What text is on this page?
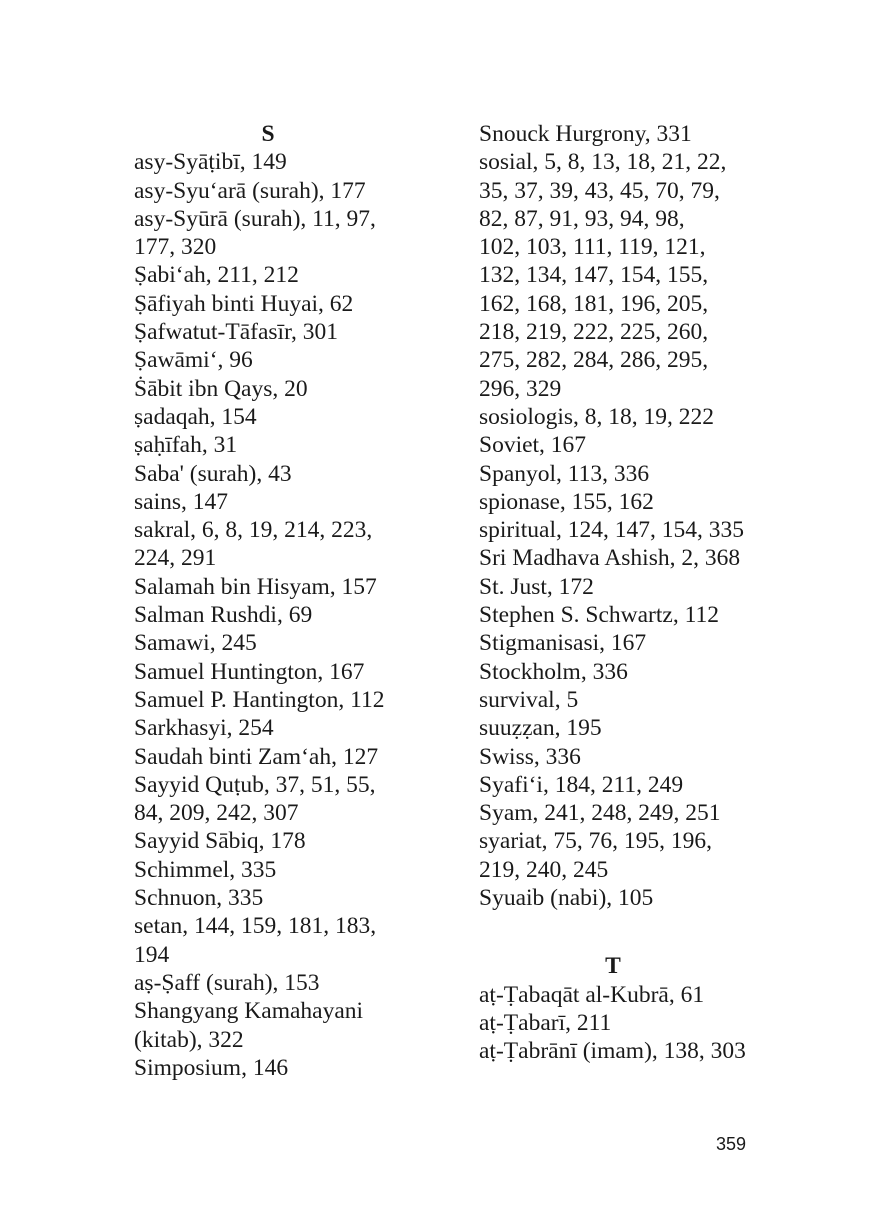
S
asy-Syāṭibī, 149
asy-Syu‘arā (surah), 177
asy-Syūrā (surah), 11, 97,
177, 320
Ṣabi‘ah, 211, 212
Ṣāfiyah binti Huyai, 62
Ṣafwatut-Tāfasīr, 301
Ṣawāmi‘, 96
Ṡābit ibn Qays, 20
ṣadaqah, 154
ṣaḥīfah, 31
Saba' (surah), 43
sains, 147
sakral, 6, 8, 19, 214, 223,
224, 291
Salamah bin Hisyam, 157
Salman Rushdi, 69
Samawi, 245
Samuel Huntington, 167
Samuel P. Hantington, 112
Sarkhasyi, 254
Saudah binti Zam‘ah, 127
Sayyid Quṭub, 37, 51, 55,
84, 209, 242, 307
Sayyid Sābiq, 178
Schimmel, 335
Schnuon, 335
setan, 144, 159, 181, 183,
194
aṣ-Ṣaff (surah), 153
Shangyang Kamahayani
(kitab), 322
Simposium, 146
Snouck Hurgrony, 331
sosial, 5, 8, 13, 18, 21, 22,
35, 37, 39, 43, 45, 70, 79,
82, 87, 91, 93, 94, 98,
102, 103, 111, 119, 121,
132, 134, 147, 154, 155,
162, 168, 181, 196, 205,
218, 219, 222, 225, 260,
275, 282, 284, 286, 295,
296, 329
sosiologis, 8, 18, 19, 222
Soviet, 167
Spanyol, 113, 336
spionase, 155, 162
spiritual, 124, 147, 154, 335
Sri Madhava Ashish, 2, 368
St. Just, 172
Stephen S. Schwartz, 112
Stigmanisasi, 167
Stockholm, 336
survival, 5
suuẓẓan, 195
Swiss, 336
Syafi‘i, 184, 211, 249
Syam, 241, 248, 249, 251
syariat, 75, 76, 195, 196,
219, 240, 245
Syuaib (nabi), 105
T
aṭ-Ṭabaqāt al-Kubrā, 61
aṭ-Ṭabarī, 211
aṭ-Ṭabrānī (imam), 138, 303
359
